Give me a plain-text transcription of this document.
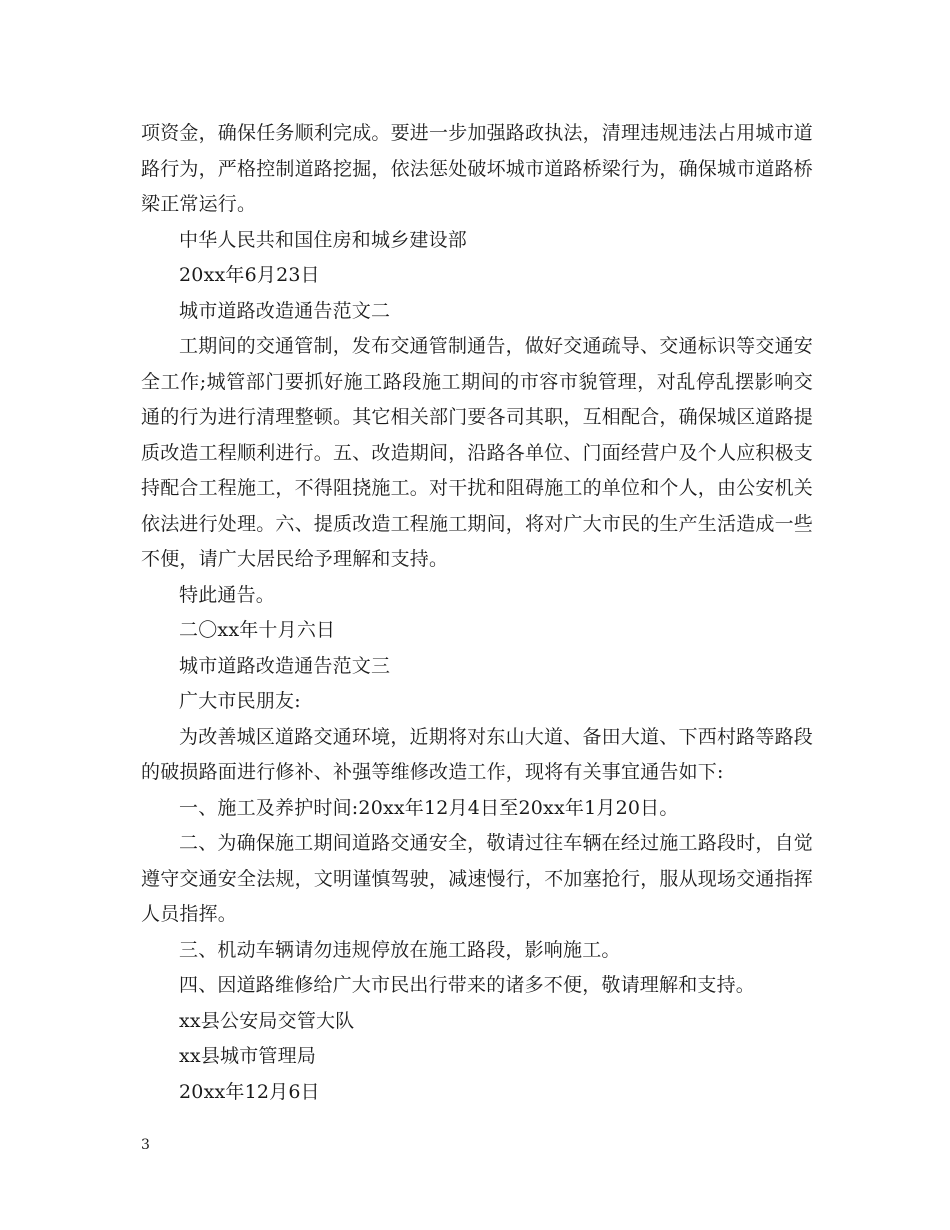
项资金，确保任务顺利完成。要进一步加强路政执法，清理违规违法占用城市道路行为，严格控制道路挖掘，依法惩处破坏城市道路桥梁行为，确保城市道路桥梁正常运行。

中华人民共和国住房和城乡建设部

20xx年6月23日

城市道路改造通告范文二

工期间的交通管制，发布交通管制通告，做好交通疏导、交通标识等交通安全工作;城管部门要抓好施工路段施工期间的市容市貌管理，对乱停乱摆影响交通的行为进行清理整顿。其它相关部门要各司其职，互相配合，确保城区道路提质改造工程顺利进行。五、改造期间，沿路各单位、门面经营户及个人应积极支持配合工程施工，不得阻挠施工。对干扰和阻碍施工的单位和个人，由公安机关依法进行处理。六、提质改造工程施工期间，将对广大市民的生产生活造成一些不便，请广大居民给予理解和支持。

特此通告。

二〇xx年十月六日

城市道路改造通告范文三

广大市民朋友:

为改善城区道路交通环境，近期将对东山大道、备田大道、下西村路等路段的破损路面进行修补、补强等维修改造工作，现将有关事宜通告如下:

一、施工及养护时间:20xx年12月4日至20xx年1月20日。

二、为确保施工期间道路交通安全，敬请过往车辆在经过施工路段时，自觉遵守交通安全法规，文明谨慎驾驶，减速慢行，不加塞抢行，服从现场交通指挥人员指挥。

三、机动车辆请勿违规停放在施工路段，影响施工。

四、因道路维修给广大市民出行带来的诸多不便，敬请理解和支持。

xx县公安局交管大队

xx县城市管理局

20xx年12月6日

3
